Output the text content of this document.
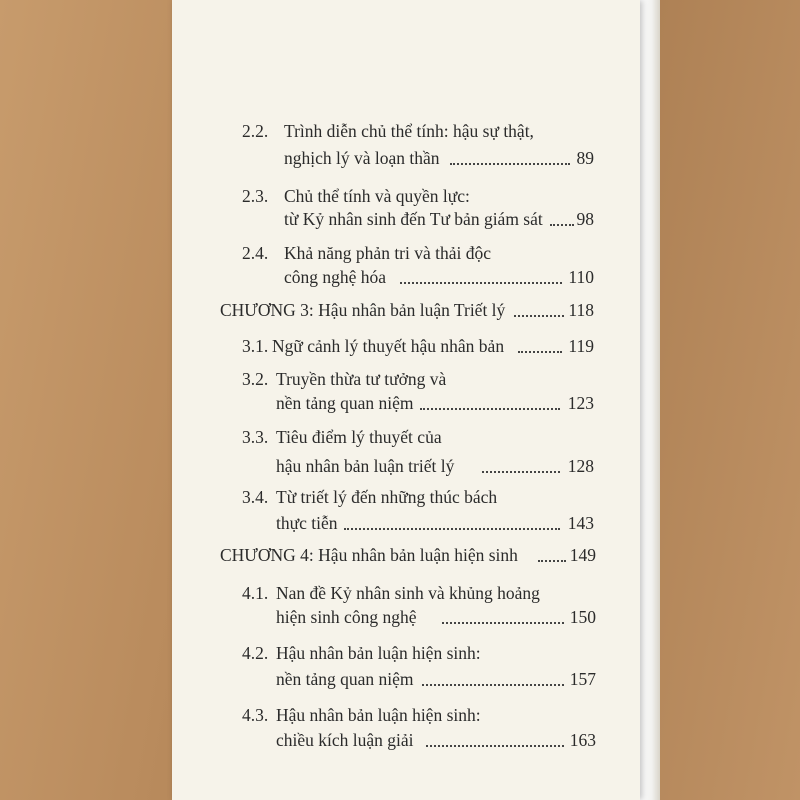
2.2. Trình diễn chủ thể tính: hậu sự thật,
nghịch lý và loạn thần	89
2.3. Chủ thể tính và quyền lực:
từ Kỷ nhân sinh đến Tư bản giám sát 98
2.4. Khả năng phản tri và thải độc
công nghệ hóa	110
CHƯƠNG 3: Hậu nhân bản luận Triết lý	118
3.1. Ngữ cảnh lý thuyết hậu nhân bản	119
3.2. Truyền thừa tư tưởng và
nền tảng quan niệm	123
3.3. Tiêu điểm lý thuyết của
hậu nhân bản luận triết lý	128
3.4. Từ triết lý đến những thúc bách
thực tiễn	143
CHƯƠNG 4: Hậu nhân bản luận hiện sinh	149
4.1. Nan đề Kỷ nhân sinh và khủng hoảng
hiện sinh công nghệ	150
4.2. Hậu nhân bản luận hiện sinh:
nền tảng quan niệm	157
4.3. Hậu nhân bản luận hiện sinh:
chiều kích luận giải	163
